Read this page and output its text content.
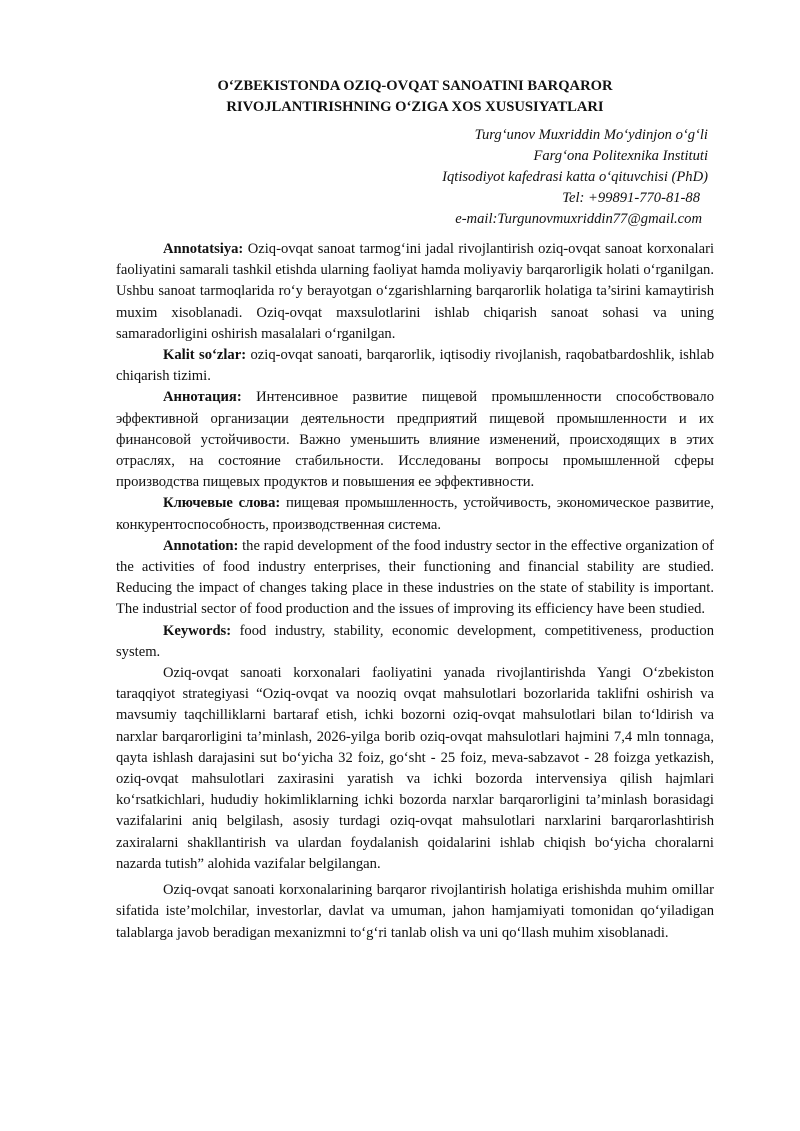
O‘ZBEKISTONDA OZIQ-OVQAT SANOATINI BARQAROR
RIVOJLANTIRISHNING O‘ZIGA XOS XUSUSIYATLARI
Turg‘unov Muxriddin Mo‘ydinjon o‘g‘li
Farg‘ona Politexnika Instituti
Iqtisodiyot kafedrasi katta o‘qituvchisi (PhD)
Tel: +99891-770-81-88
e-mail:Turgunovmuxriddin77@gmail.com

Annotatsiya: Oziq-ovqat sanoat tarmog‘ini jadal rivojlantirish oziq-ovqat sanoat korxonalari faoliyatini samarali tashkil etishda ularning faoliyat hamda moliyaviy barqarorligik holati o‘rganilgan. Ushbu sanoat tarmoqlarida ro‘y berayotgan o‘zgarishlarning barqarorlik holatiga ta’sirini kamaytirish muxim xisoblanadi. Oziq-ovqat maxsulotlarini ishlab chiqarish sanoat sohasi va uning samaradorligini oshirish masalalari o‘rganilgan.

Kalit so‘zlar: oziq-ovqat sanoati, barqarorlik, iqtisodiy rivojlanish, raqobatbardoshlik, ishlab chiqarish tizimi.

Аннотация: Интенсивное развитие пищевой промышленности способствовало эффективной организации деятельности предприятий пищевой промышленности и их финансовой устойчивости. Важно уменьшить влияние изменений, происходящих в этих отраслях, на состояние стабильности. Исследованы вопросы промышленной сферы производства пищевых продуктов и повышения ее эффективности.

Ключевые слова: пищевая промышленность, устойчивость, экономическое развитие, конкурентоспособность, производственная система.

Annotation: the rapid development of the food industry sector in the effective organization of the activities of food industry enterprises, their functioning and financial stability are studied. Reducing the impact of changes taking place in these industries on the state of stability is important. The industrial sector of food production and the issues of improving its efficiency have been studied.

Keywords: food industry, stability, economic development, competitiveness, production system.

Oziq-ovqat sanoati korxonalari faoliyatini yanada rivojlantirishda Yangi O‘zbekiston taraqqiyot strategiyasi “Oziq-ovqat va nooziq ovqat mahsulotlari bozorlarida taklifni oshirish va mavsumiy taqchilliklarni bartaraf etish, ichki bozorni oziq-ovqat mahsulotlari bilan to‘ldirish va narxlar barqarorligini ta’minlash, 2026-yilga borib oziq-ovqat mahsulotlari hajmini 7,4 mln tonnaga, qayta ishlash darajasini sut bo‘yicha 32 foiz, go‘sht - 25 foiz, meva-sabzavot - 28 foizga yetkazish, oziq-ovqat mahsulotlari zaxirasini yaratish va ichki bozorda intervensiya qilish hajmlari ko‘rsatkichlari, hududiy hokimliklarning ichki bozorda narxlar barqarorligini ta’minlash borasidagi vazifalarini aniq belgilash, asosiy turdagi oziq-ovqat mahsulotlari narxlarini barqarorlashtirish zaxiralarni shakllantirish va ulardan foydalanish qoidalarini ishlab chiqish bo‘yicha choralarni nazarda tutish” alohida vazifalar belgilangan.

Oziq-ovqat sanoati korxonalarining barqaror rivojlantirish holatiga erishishda muhim omillar sifatida iste’molchilar, investorlar, davlat va umuman, jahon hamjamiyati tomonidan qo‘yiladigan talablarga javob beradigan mexanizmni to‘g‘ri tanlab olish va uni qo‘llash muhim xisoblanadi.
